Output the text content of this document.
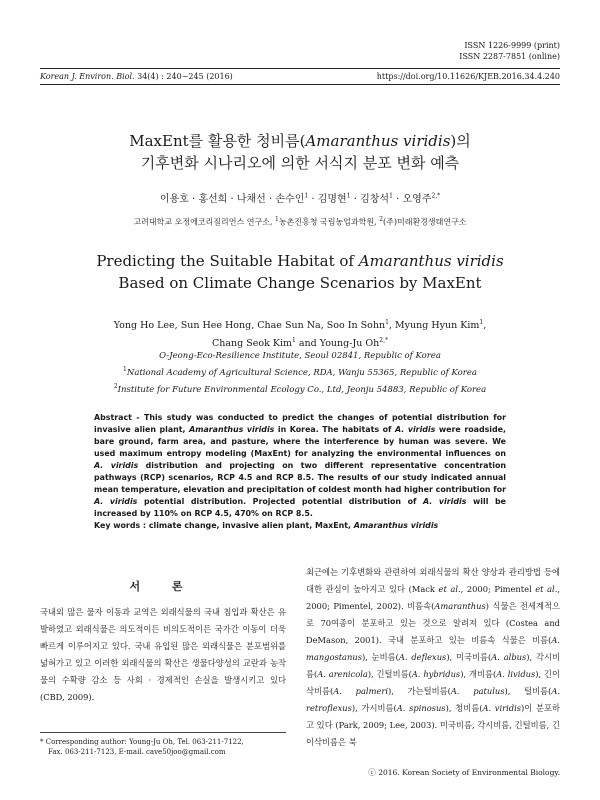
ISSN 1226-9999 (print)
ISSN 2287-7851 (online)
Korean J. Environ. Biol. 34(4) : 240~245 (2016)	https://doi.org/10.11626/KJEB.2016.34.4.240
MaxEnt를 활용한 청비름(Amaranthus viridis)의
기후변화 시나리오에 의한 서식지 분포 변화 예측
이용호 · 홍선희 · 나채선 · 손수인$^1$ · 김명현$^1$ · 김창석$^1$ · 오영주$^{2,*}$
고려대학교 오정에코리질리언스 연구소, $^1$농촌진흥청 국립농업과학원, $^2$(주)미래환경생태연구소
Predicting the Suitable Habitat of Amaranthus viridis
Based on Climate Change Scenarios by MaxEnt
Yong Ho Lee, Sun Hee Hong, Chae Sun Na, Soo In Sohn$^1$, Myung Hyun Kim$^1$,
Chang Seok Kim$^1$ and Young-Ju $Oh^{2,*}$
O-Jeong-Eco-Resilience Institute, Seoul 02841, Republic of Korea
$^1$National Academy of Agricultural Science, RDA, Wanju 55365, Republic of Korea
$^2$Institute for Future Environmental Ecology Co., Ltd, Jeonju 54883, Republic of Korea
Abstract - This study was conducted to predict the changes of potential distribution for invasive alien plant, Amaranthus viridis in Korea. The habitats of A. viridis were roadside, bare ground, farm area, and pasture, where the interference by human was severe. We used maximum entropy modeling (MaxEnt) for analyzing the environmental influences on A. viridis distribution and projecting on two different representative concentration pathways (RCP) scenarios, RCP 4.5 and RCP 8.5. The results of our study indicated annual mean temperature, elevation and precipitation of coldest month had higher contribution for A. viridis potential distribution. Projected potential distribution of A. viridis will be increased by 110% on RCP 4.5, 470% on RCP 8.5.
Key words : climate change, invasive alien plant, MaxEnt, Amaranthus viridis
서 론
국내외 많은 물자 이동과 교역은 외래식물의 국내 침입과 확산은 유발하였고 외래식물은 의도적이든 비의도적이든 국가간 이동이 더욱 빠르게 이루어지고 있다. 국내 유입된 많은 외래식물은 분포범위를 넓혀가고 있고 이러한 외래식물의 확산은 생물다양성의 교란과 농작물의 수확량 감소 등 사회 · 경제적인 손실을 발생시키고 있다 (CBD, 2009).
최근에는 기후변화와 관련하여 외래식물의 확산 양상과 관리방법 등에 대한 관심이 높아지고 있다 (Mack et al., 2000; Pimentel et al., 2000; Pimentel, 2002). 비름속(Amaranthus) 식물은 전세계적으로 70여종이 분포하고 있는 것으로 알려져 있다 (Costea and DeMason, 2001). 국내 분포하고 있는 비름속 식물은 비름(A. mangostanus), 눈비름(A. deflexus), 미국비름(A. albus), 각시비름(A. arenicola), 긴털비름(A. hybridus), 개비름(A. lividus), 긴이삭비름(A. palmeri), 가는털비름(A. patulus), 털비름(A. retroflexus), 가시비름(A. spinosus), 청비름(A. viridis)이 분포하고 있다 (Park, 2009; Lee, 2003). 미국비름, 각시비름, 긴털비름, 긴이삭비름은 북
* Corresponding author: Young-Ju Oh, Tel. 063-211-7122,
Fax. 063-211-7123, E-mail. cave50joo@gmail.com
ⓒ 2016. Korean Society of Environmental Biology.
